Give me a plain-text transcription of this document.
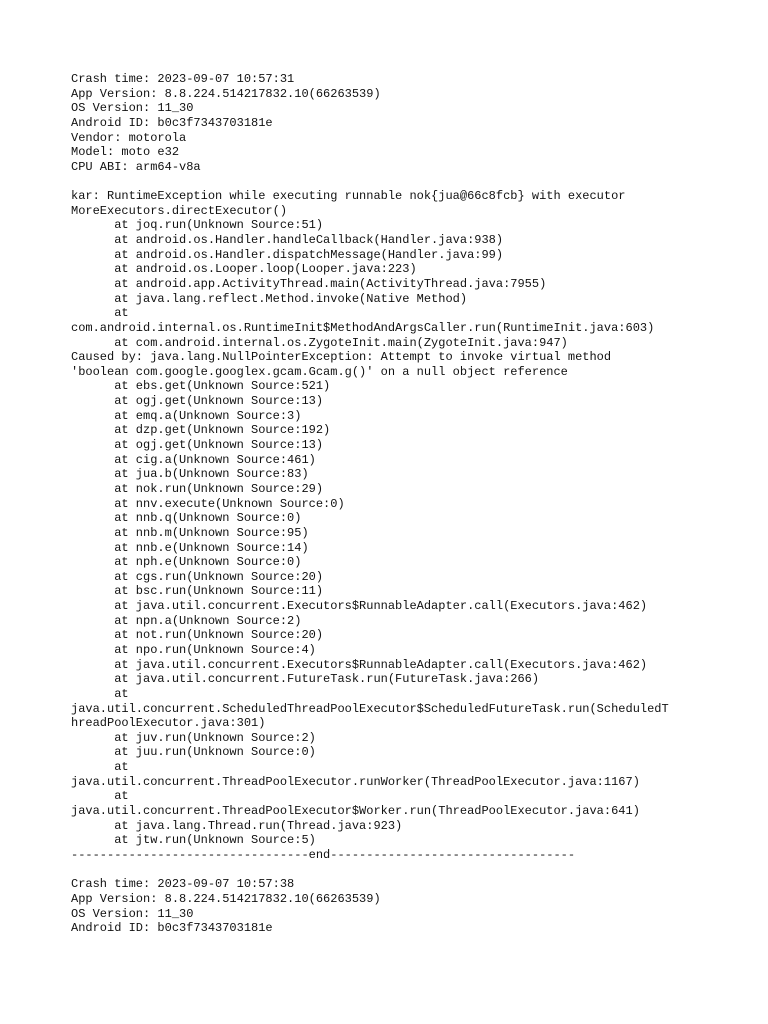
Crash time: 2023-09-07 10:57:31
App Version: 8.8.224.514217832.10(66263539)
OS Version: 11_30
Android ID: b0c3f7343703181e
Vendor: motorola
Model: moto e32
CPU ABI: arm64-v8a
kar: RuntimeException while executing runnable nok{jua@66c8fcb} with executor
MoreExecutors.directExecutor()
at joq.run(Unknown Source:51)
at android.os.Handler.handleCallback(Handler.java:938)
at android.os.Handler.dispatchMessage(Handler.java:99)
at android.os.Looper.loop(Looper.java:223)
at android.app.ActivityThread.main(ActivityThread.java:7955)
at java.lang.reflect.Method.invoke(Native Method)
at
com.android.internal.os.RuntimeInit$MethodAndArgsCaller.run(RuntimeInit.java:603)
at com.android.internal.os.ZygoteInit.main(ZygoteInit.java:947)
Caused by: java.lang.NullPointerException: Attempt to invoke virtual method
'boolean com.google.googlex.gcam.Gcam.g()' on a null object reference
at ebs.get(Unknown Source:521)
at ogj.get(Unknown Source:13)
at emq.a(Unknown Source:3)
at dzp.get(Unknown Source:192)
at ogj.get(Unknown Source:13)
at cig.a(Unknown Source:461)
at jua.b(Unknown Source:83)
at nok.run(Unknown Source:29)
at nnv.execute(Unknown Source:0)
at nnb.q(Unknown Source:0)
at nnb.m(Unknown Source:95)
at nnb.e(Unknown Source:14)
at nph.e(Unknown Source:0)
at cgs.run(Unknown Source:20)
at bsc.run(Unknown Source:11)
at java.util.concurrent.Executors$RunnableAdapter.call(Executors.java:462)
at npn.a(Unknown Source:2)
at not.run(Unknown Source:20)
at npo.run(Unknown Source:4)
at java.util.concurrent.Executors$RunnableAdapter.call(Executors.java:462)
at java.util.concurrent.FutureTask.run(FutureTask.java:266)
at
java.util.concurrent.ScheduledThreadPoolExecutor$ScheduledFutureTask.run(ScheduledT
hreadPoolExecutor.java:301)
at juv.run(Unknown Source:2)
at juu.run(Unknown Source:0)
at
java.util.concurrent.ThreadPoolExecutor.runWorker(ThreadPoolExecutor.java:1167)
at
java.util.concurrent.ThreadPoolExecutor$Worker.run(ThreadPoolExecutor.java:641)
at java.lang.Thread.run(Thread.java:923)
at jtw.run(Unknown Source:5)
---------------------------------end----------------------------------
Crash time: 2023-09-07 10:57:38
App Version: 8.8.224.514217832.10(66263539)
OS Version: 11_30
Android ID: b0c3f7343703181e
